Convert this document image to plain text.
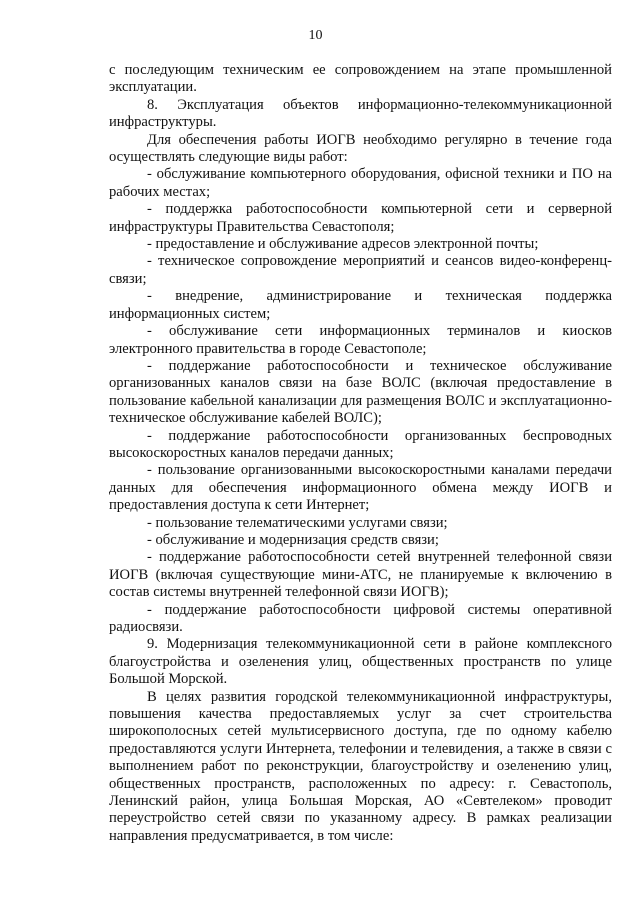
10

с последующим техническим ее сопровождением на этапе промышленной эксплуатации.

8. Эксплуатация объектов информационно-телекоммуникационной инфраструктуры.

Для обеспечения работы ИОГВ необходимо регулярно в течение года осуществлять следующие виды работ:

- обслуживание компьютерного оборудования, офисной техники и ПО на рабочих местах;

- поддержка работоспособности компьютерной сети и серверной инфраструктуры Правительства Севастополя;

- предоставление и обслуживание адресов электронной почты;

- техническое сопровождение мероприятий и сеансов видео-конференц-связи;

- внедрение, администрирование и техническая поддержка информационных систем;

- обслуживание сети информационных терминалов и киосков электронного правительства в городе Севастополе;

- поддержание работоспособности и техническое обслуживание организованных каналов связи на базе ВОЛС (включая предоставление в пользование кабельной канализации для размещения ВОЛС и эксплуатационно-техническое обслуживание кабелей ВОЛС);

- поддержание работоспособности организованных беспроводных высокоскоростных каналов передачи данных;

- пользование организованными высокоскоростными каналами передачи данных для обеспечения информационного обмена между ИОГВ и предоставления доступа к сети Интернет;

- пользование телематическими услугами связи;

- обслуживание и модернизация средств связи;

- поддержание работоспособности сетей внутренней телефонной связи ИОГВ (включая существующие мини-АТС, не планируемые к включению в состав системы внутренней телефонной связи ИОГВ);

- поддержание работоспособности цифровой системы оперативной радиосвязи.

9. Модернизация телекоммуникационной сети в районе комплексного благоустройства и озеленения улиц, общественных пространств по улице Большой Морской.

В целях развития городской телекоммуникационной инфраструктуры, повышения качества предоставляемых услуг за счет строительства широкополосных сетей мультисервисного доступа, где по одному кабелю предоставляются услуги Интернета, телефонии и телевидения, а также в связи с выполнением работ по реконструкции, благоустройству и озеленению улиц, общественных пространств, расположенных по адресу: г. Севастополь, Ленинский район, улица Большая Морская, АО «Севтелеком» проводит переустройство сетей связи по указанному адресу. В рамках реализации направления предусматривается, в том числе:
